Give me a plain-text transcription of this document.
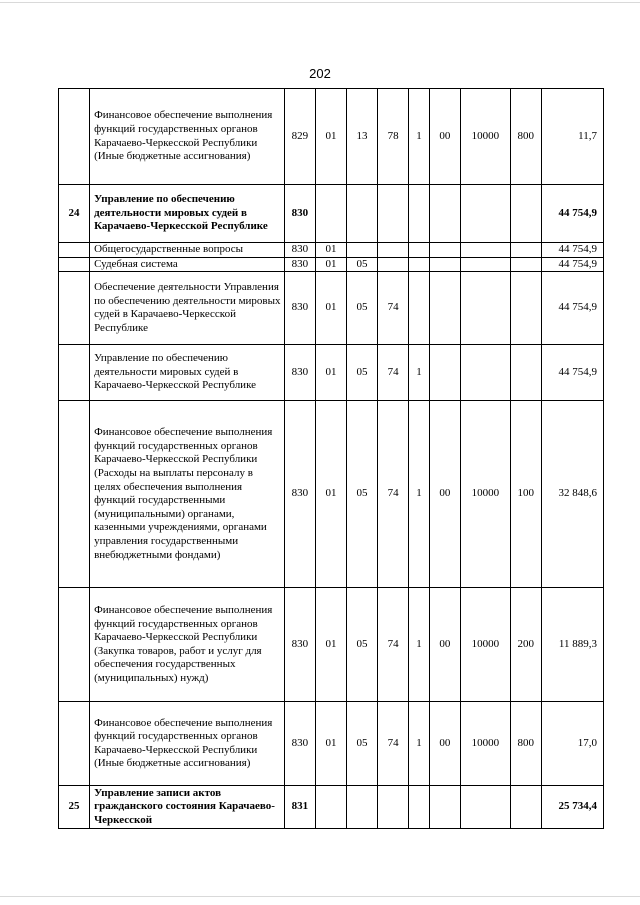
202
	Финансовое обеспечение выполнения функций государственных органов Карачаево-Черкесской Республики (Иные бюджетные ассигнования)	829	01	13	78	1	00	10000	800	11,7
24	Управление по обеспечению деятельности мировых судей в Карачаево-Черкесской Республике	830								44 754,9
	Общегосударственные вопросы	830	01							44 754,9
	Судебная система	830	01	05						44 754,9
	Обеспечение деятельности Управления по обеспечению деятельности мировых судей в Карачаево-Черкесской Республике	830	01	05	74					44 754,9
	Управление по обеспечению деятельности мировых судей в Карачаево-Черкесской Республике	830	01	05	74	1				44 754,9
	Финансовое обеспечение выполнения функций государственных органов Карачаево-Черкесской Республики (Расходы на выплаты персоналу в целях обеспечения выполнения функций государственными (муниципальными) органами, казенными учреждениями, органами управления государственными внебюджетными фондами)	830	01	05	74	1	00	10000	100	32 848,6
	Финансовое обеспечение выполнения функций государственных органов Карачаево-Черкесской Республики (Закупка товаров, работ и услуг для обеспечения государственных (муниципальных) нужд)	830	01	05	74	1	00	10000	200	11 889,3
	Финансовое обеспечение выполнения функций государственных органов Карачаево-Черкесской Республики (Иные бюджетные ассигнования)	830	01	05	74	1	00	10000	800	17,0
25	Управление записи актов гражданского состояния Карачаево-Черкесской	831								25 734,4
